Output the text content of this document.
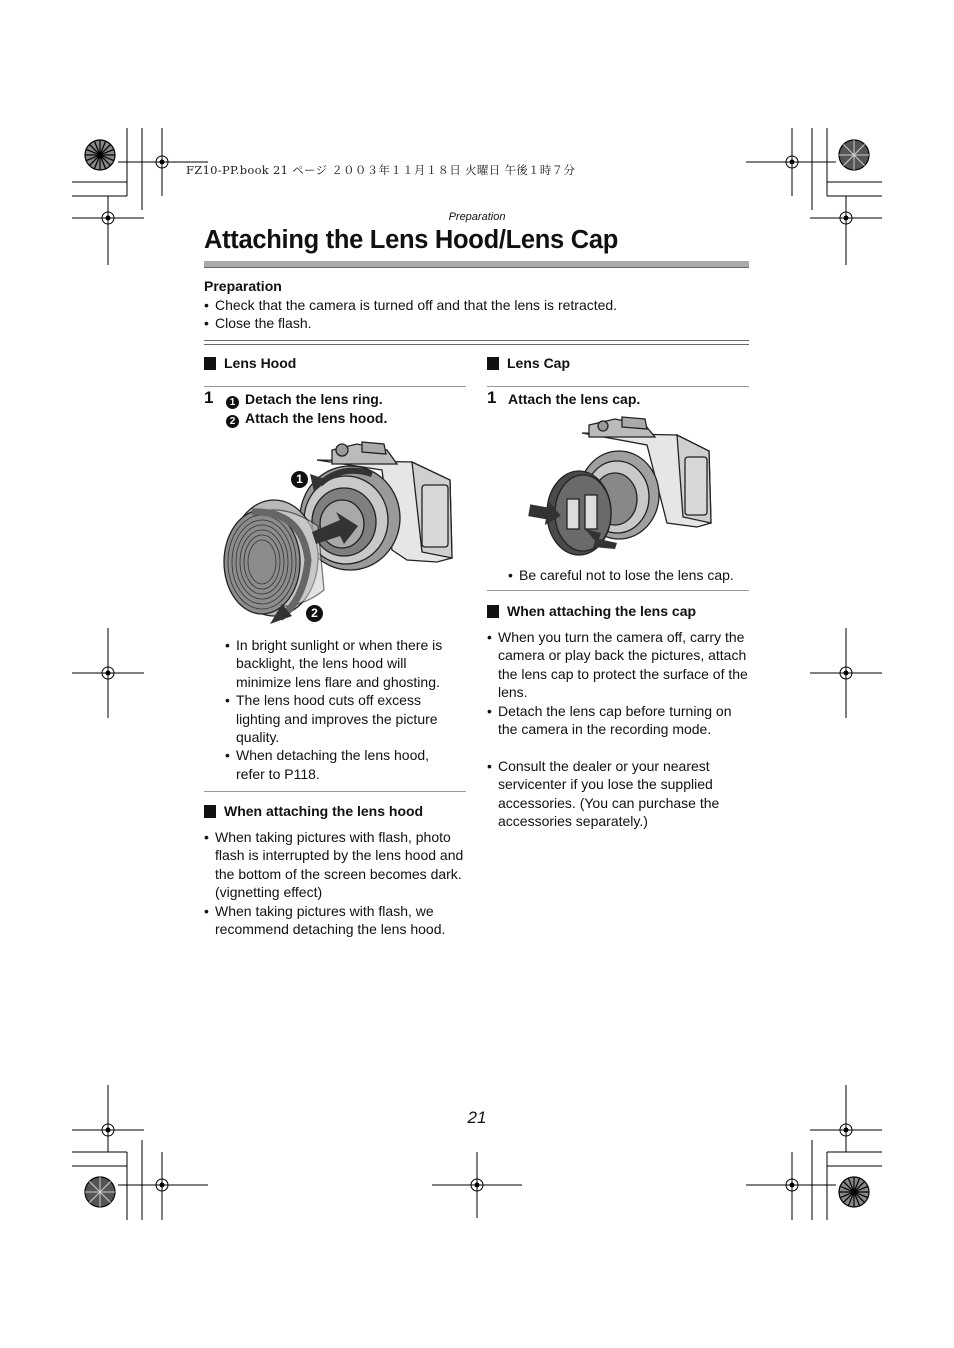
FZ10-PP.book 21 ページ ２００３年１１月１８日 火曜日 午後１時７分
Preparation
Attaching the Lens Hood/Lens Cap
Preparation
• Check that the camera is turned off and that the lens is retracted.
• Close the flash.
Lens Hood
1	1 Detach the lens ring.
2 Attach the lens hood.
1
2
• In bright sunlight or when there is backlight, the lens hood will minimize lens flare and ghosting.
• The lens hood cuts off excess lighting and improves the picture quality.
• When detaching the lens hood, refer to P118.
When attaching the lens hood
• When taking pictures with flash, photo flash is interrupted by the lens hood and the bottom of the screen becomes dark. (vignetting effect)
• When taking pictures with flash, we recommend detaching the lens hood.
Lens Cap
1 Attach the lens cap.
• Be careful not to lose the lens cap.
When attaching the lens cap
• When you turn the camera off, carry the camera or play back the pictures, attach the lens cap to protect the surface of the lens.
• Detach the lens cap before turning on the camera in the recording mode.
• Consult the dealer or your nearest servicenter if you lose the supplied accessories. (You can purchase the accessories separately.)
21
